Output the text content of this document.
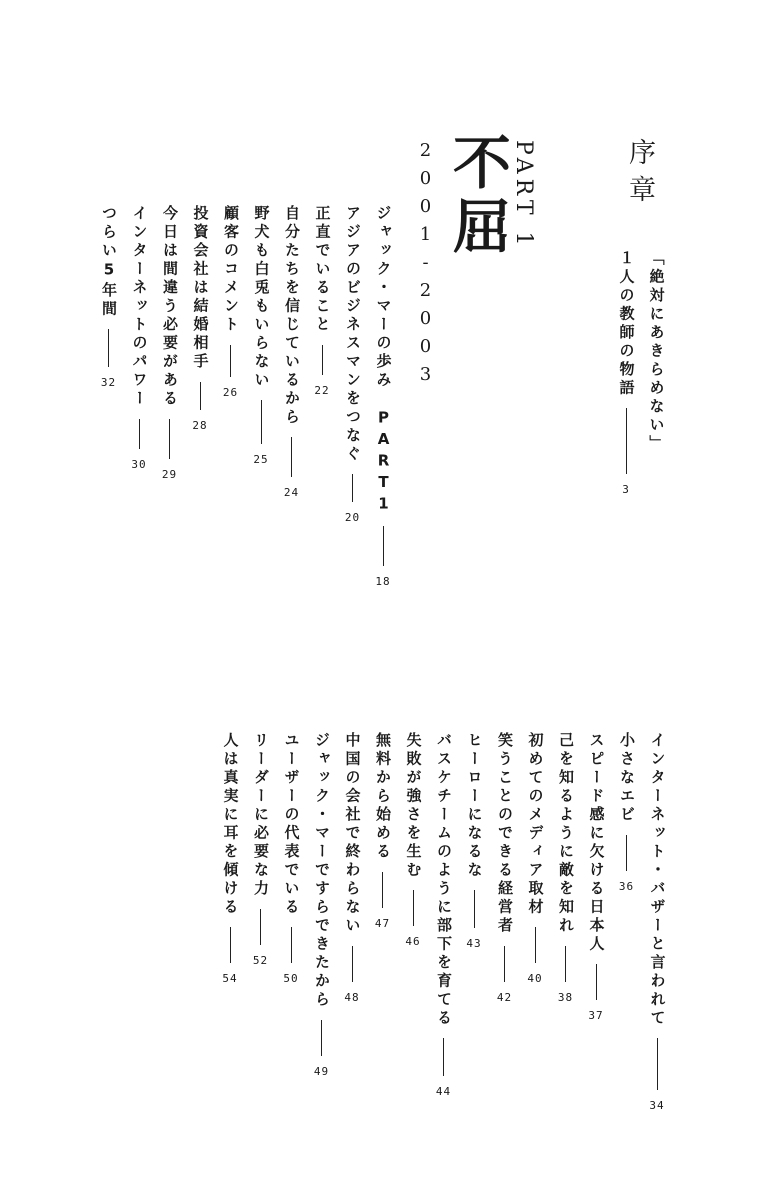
序章
「絶対にあきらめない」
１人の教師の物語
3
PART 1
不屈
2001-2003
ジャック・マーの歩み　PART1
18
アジアのビジネスマンをつなぐ
20
正直でいること
22
自分たちを信じているから
24
野犬も白兎もいらない
25
顧客のコメント
26
投資会社は結婚相手
28
今日は間違う必要がある
29
インターネットのパワー
30
つらい5年間
32
インターネット・バザーと言われて
34
小さなエビ
36
スピード感に欠ける日本人
37
己を知るように敵を知れ
38
初めてのメディア取材
40
笑うことのできる経営者
42
ヒーローになるな
43
バスケチームのように部下を育てる
44
失敗が強さを生む
46
無料から始める
47
中国の会社で終わらない
48
ジャック・マーですらできたから
49
ユーザーの代表でいる
50
リーダーに必要な力
52
人は真実に耳を傾ける
54
